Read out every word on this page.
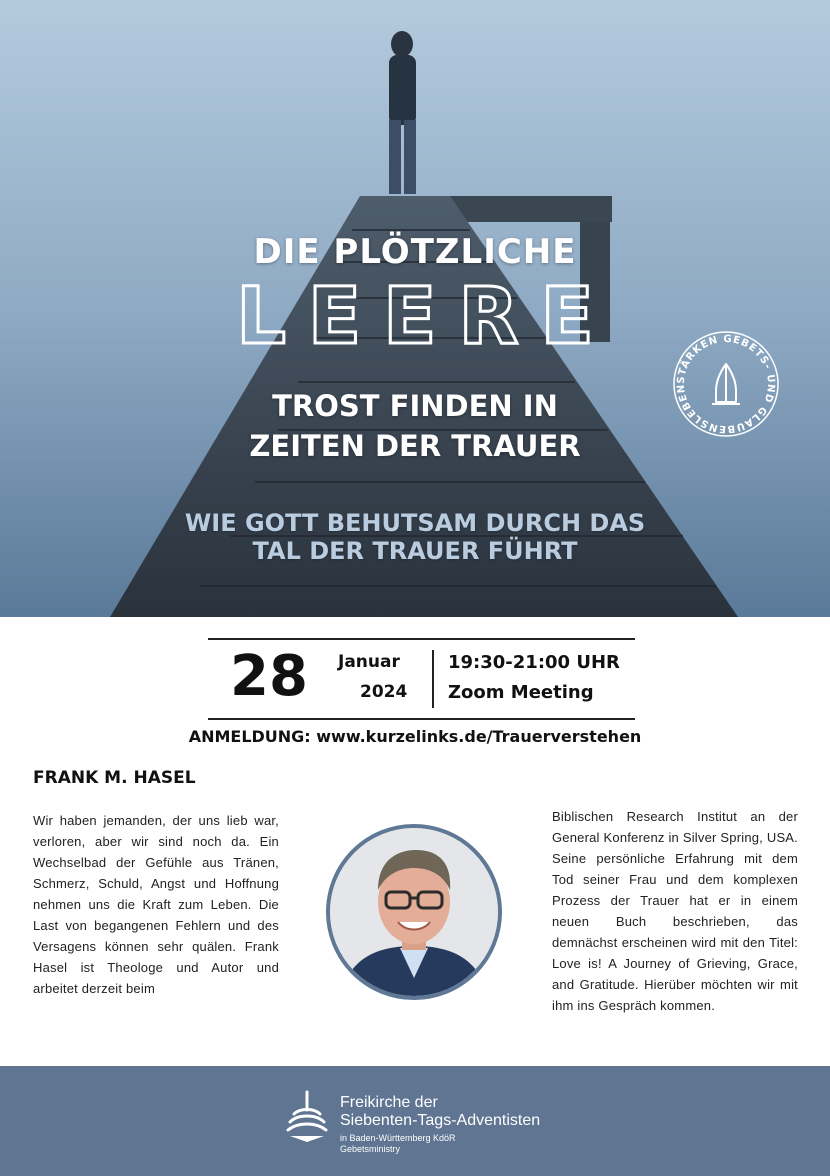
DIE PLÖTZLICHE
LEERE
TROST FINDEN IN
ZEITEN DER TRAUER
WIE GOTT BEHUTSAM DURCH DAS
TAL DER TRAUER FÜHRT
STÄRKEN GEBETS- UND GLAUBENSLEBEN
28 Januar
2024
19:30-21:00 UHR
Zoom Meeting
ANMELDUNG: www.kurzelinks.de/Trauerverstehen
FRANK M. HASEL

Wir haben jemanden, der uns lieb war, verloren, aber wir sind noch da. Ein Wechselbad der Gefühle aus Tränen, Schmerz, Schuld, Angst und Hoffnung nehmen uns die Kraft zum Leben. Die Last von begangenen Fehlern und des Versagens können sehr quälen. Frank Hasel ist Theologe und Autor und arbeitet derzeit beim

Biblischen Research Institut an der General Konferenz in Silver Spring, USA. Seine persönliche Erfahrung mit dem Tod seiner Frau und dem komplexen Prozess der Trauer hat er in einem neuen Buch beschrieben, das demnächst erscheinen wird mit den Titel: Love is! A Journey of Grieving, Grace, and Gratitude. Hierüber möchten wir mit ihm ins Gespräch kommen.

Freikirche der
Siebenten-Tags-Adventisten
in Baden-Württemberg KdöR
Gebetsministry
